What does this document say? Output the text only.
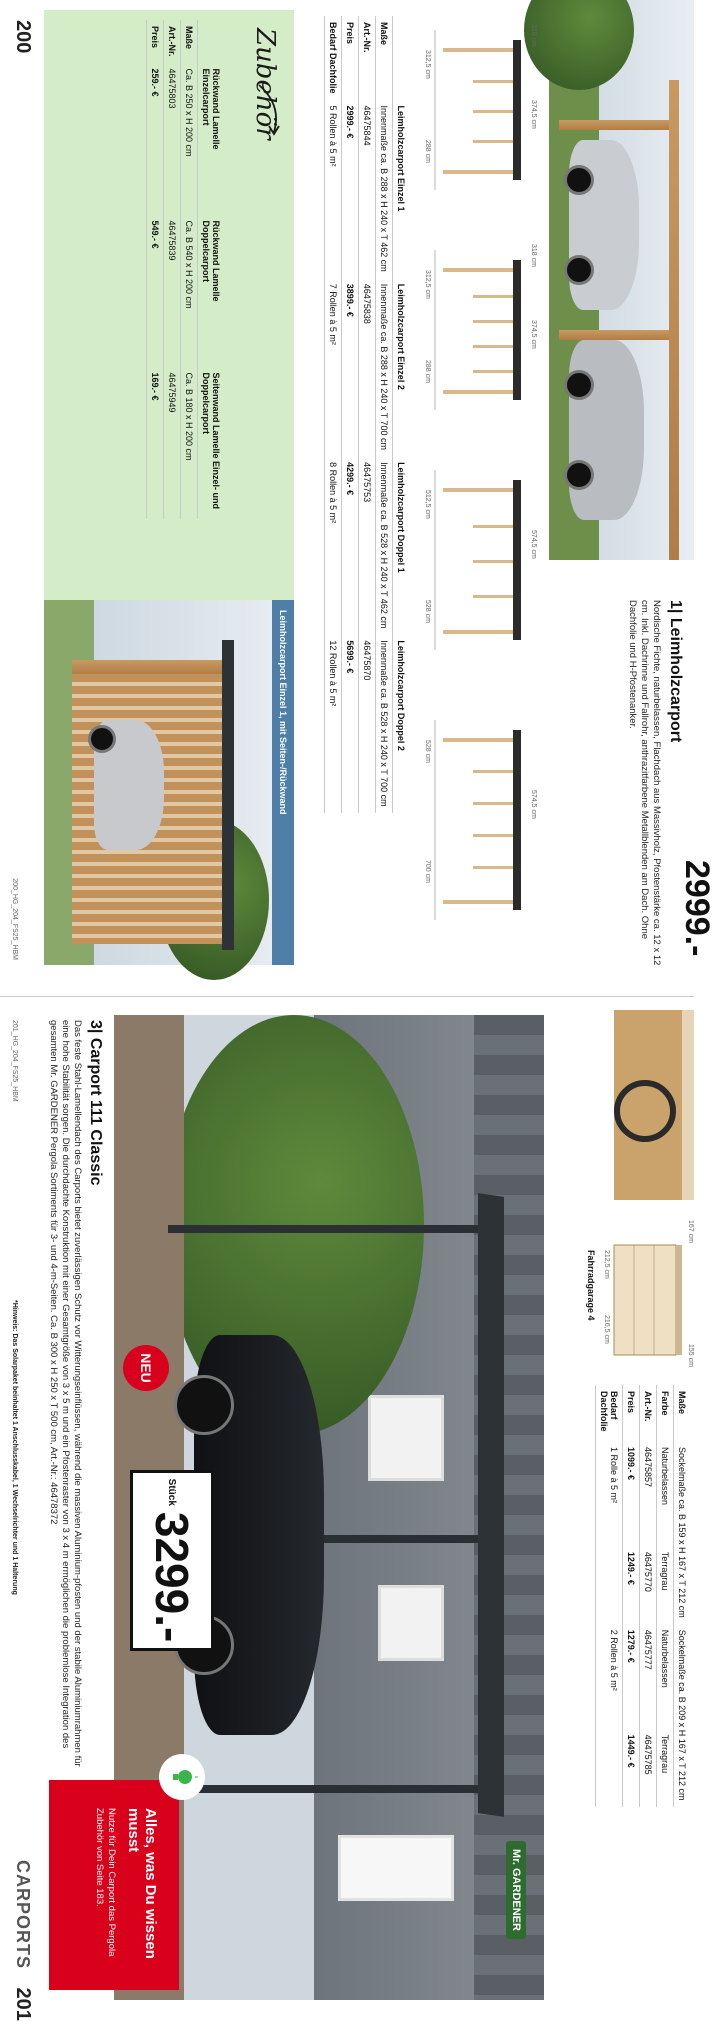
200
200_HG_204_FS25_HBM
1| Leimholzcarport
Nordische Fichte, naturbelassen, Flachdach aus Massivholz, Pfostenstärke ca. 12 x 12 cm. Inkl. Dachrinne und Fallrohr, anthrazitfarbene Metallblenden am Dach. Ohne Dachfolie und H-Pfostenanker.
2999.-
318 cm
374,5 cm
312,5 cm
288 cm
318 cm
374,5 cm
312,5 cm
288 cm
574,5 cm
512,5 cm
528 cm
574,5 cm
528 cm
700 cm
	Leimholzcarport Einzel 1	Leimholzcarport Einzel 2	Leimholzcarport Doppel 1	Leimholzcarport Doppel 2
Maße	Innenmaße ca. B 288 x H 240 x T 462 cm	Innenmaße ca. B 288 x H 240 x T 700 cm	Innenmaße ca. B 528 x H 240 x T 462 cm	Innenmaße ca. B 528 x H 240 x T 700 cm
Art.-Nr.	46475844	46475838	46475753	46475870
Preis	2999.- €	3899.- €	4299.- €	5699.- €
Bedarf Dachfolie	5 Rollen à 5 m²	7 Rollen à 5 m²	8 Rollen à 5 m²	12 Rollen à 5 m²
Zubehör
	Rückwand Lamelle Einzelcarport	Rückwand Lamelle Doppelcarport	Seitenwand Lamelle Einzel- und Doppelcarport
Maße	Ca. B 250 x H 200 cm	Ca. B 540 x H 200 cm	Ca. B 180 x H 200 cm
Art.-Nr.	46475803	46475839	46475949
Preis	259.- €	549.- €	169.- €
Leimholzcarport Einzel 1, mit Seiten-/Rückwand
CARPORTS 201
201_HG_204_FS25_HBM
*Hinweis: Das Solarpaket beinhaltet 1 Anschlusskabel, 1 Wechselrichter und 1 Halterung	155 cm
167 cm
212,5 cm
216,5 cm
Fahrradgarage 4
Maße	Sockelmaße ca. B 159 x H 167 x T 212 cm		Sockelmaße ca. B 209 x H 167 x T 212 cm	
Farbe	Naturbelassen	Terragrau	Naturbelassen	Terragrau
Art.-Nr.	46475857	46475770	46475777	46475785
Preis	1099.- €	1249.- €	1279.- €	1449.- €
Bedarf Dachfolie	1 Rolle à 5 m²		2 Rollen à 5 m²	
Mr. GARDENER
NEU
Stück
3299.-
Alles, was Du wissen musst
Nutze für Dein Carport das Pergola Zubehör von Seite 183.
3| Carport 111 Classic
Das feste Stahl-Lamellendach des Carports bietet zuverlässigen Schutz vor Witterungseinflüssen, während die massiven Aluminium-pfosten und der stabile Aluminiumrahmen für eine hohe Stabilität sorgen. Die durchdachte Konstruktion mit einer Gesamtgröße von 3 x 5 m und ein Pfostenraster von 3 x 4 m ermöglichen die problemlose Integration des gesamten Mr. GARDENER Pergola Sortiments für 3- und 4-m-Seiten. Ca. B 300 x H 250 x T 500 cm, Art.-Nr.: 46478372
